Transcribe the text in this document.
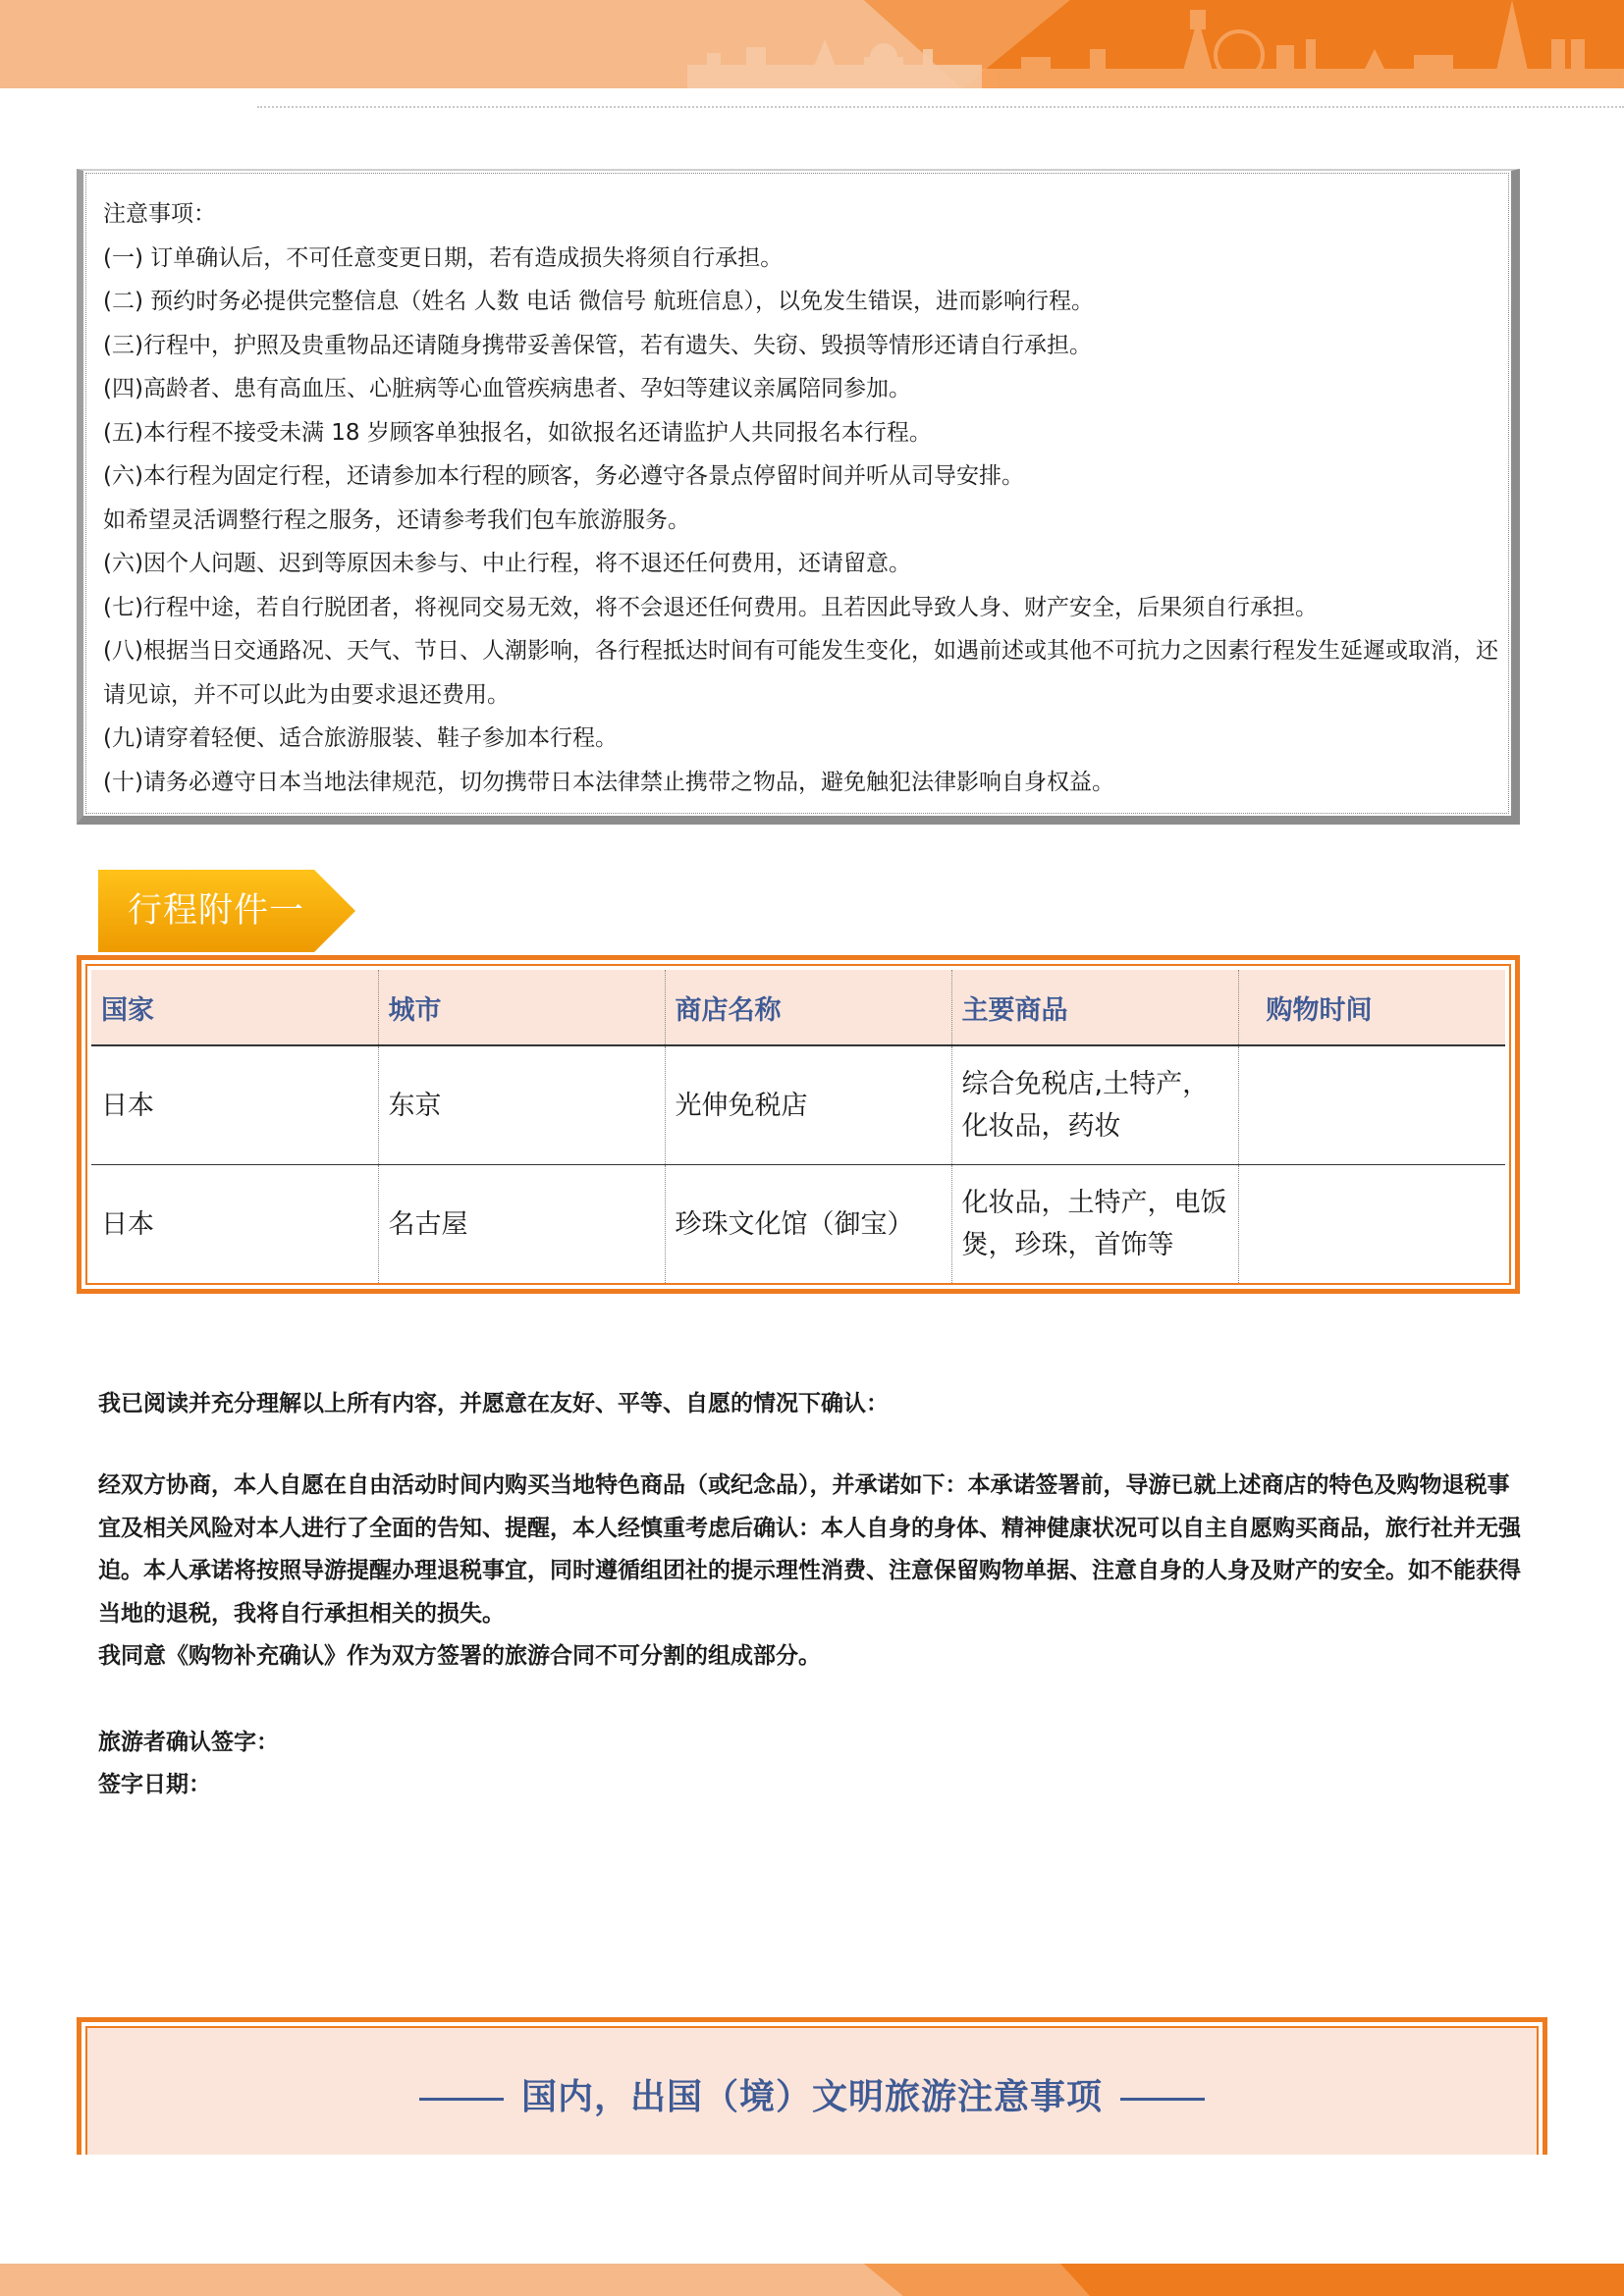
注意事项：
(一) 订单确认后，不可任意变更日期，若有造成损失将须自行承担。
(二) 预约时务必提供完整信息（姓名 人数 电话 微信号 航班信息），以免发生错误，进而影响行程。
(三)行程中，护照及贵重物品还请随身携带妥善保管，若有遗失、失窃、毁损等情形还请自行承担。
(四)高龄者、患有高血压、心脏病等心血管疾病患者、孕妇等建议亲属陪同参加。
(五)本行程不接受未满 18 岁顾客单独报名，如欲报名还请监护人共同报名本行程。
(六)本行程为固定行程，还请参加本行程的顾客，务必遵守各景点停留时间并听从司导安排。
如希望灵活调整行程之服务，还请参考我们包车旅游服务。
(六)因个人问题、迟到等原因未参与、中止行程，将不退还任何费用，还请留意。
(七)行程中途，若自行脱团者，将视同交易无效，将不会退还任何费用。且若因此导致人身、财产安全，后果须自行承担。
(八)根据当日交通路况、天气、节日、人潮影响，各行程抵达时间有可能发生变化，如遇前述或其他不可抗力之因素行程发生延遲或取消，还请见谅，并不可以此为由要求退还费用。
(九)请穿着轻便、适合旅游服装、鞋子参加本行程。
(十)请务必遵守日本当地法律规范，切勿携带日本法律禁止携带之物品，避免触犯法律影响自身权益。
行程附件一
国家	城市	商店名称	主要商品	购物时间
日本	东京	光伸免税店	综合免税店,土特产，化妆品，药妆	
日本	名古屋	珍珠文化馆（御宝）	化妆品，土特产，电饭煲，珍珠，首饰等	

我已阅读并充分理解以上所有内容，并愿意在友好、平等、自愿的情况下确认：

经双方协商，本人自愿在自由活动时间内购买当地特色商品（或纪念品），并承诺如下：本承诺签署前，导游已就上述商店的特色及购物退税事宜及相关风险对本人进行了全面的告知、提醒，本人经慎重考虑后确认：本人自身的身体、精神健康状况可以自主自愿购买商品，旅行社并无强迫。本人承诺将按照导游提醒办理退税事宜，同时遵循组团社的提示理性消费、注意保留购物单据、注意自身的人身及财产的安全。如不能获得当地的退税，我将自行承担相关的损失。

我同意《购物补充确认》作为双方签署的旅游合同不可分割的组成部分。

旅游者确认签字：

签字日期：

国内，出国（境）文明旅游注意事项
